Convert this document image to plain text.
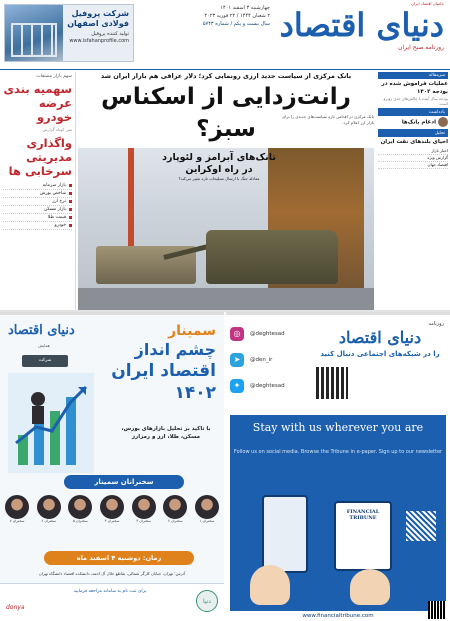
حامیان اقتصاد ایران
شرکت پروفیل فولادی اصفهان
تولید کننده پروفیل
www.isfahanprofile.com
چهارشنبه ۳ اسفند ۱۴۰۱
۲ شعبان ۱۴۴۴ / ۲۲ فوریه ۲۰۲۳
سال بیست و یکم / شماره ۵۷۴۳ دنیای اقتصاد
روزنامه صبح ایران
سهم بازار مشتقات
سهمیه بندی عرضه خودرو
متن کوتاه گزارش
واگذاری مدیریتی سرخابی ها
بازار سرمایه
شاخص بورس
نرخ ارز
بازار مسکن
قیمت طلا
خودرو
بانک مرکزی از سیاست جدید ارزی رونمایی کرد؛ دلار عراقی هم بازار ایران شد
رانت‌زدایی از اسکناس سبز؟	بانک مرکزی در اقدامی تازه سیاست‌های جدیدی را برای بازار ارز اعلام کرد.
تانک‌های آبرامز و لئوپارد در راه اوکراین
معادله جنگ با ارسال تسلیحات تازه تغییر می‌کند؟
سرمقاله
عملیات فراموش شده در بودجه ۱۴۰۲
بودجه سال آینده با چالش‌های جدی روبرو است.
یادداشت
ادغام بانک‌ها
تحلیل
احیای بلندهای نقت ایران
اخبار بازار
گزارش ویژه
اقتصاد جهان
دنیای اقتصاد
همایش
شرکت
سمینار
چشم انداز
اقتصاد ایران
۱۴۰۲
با تاکید بر تحلیل بازارهای بورس، مسکن، طلا، ارز و رمزارز
سخنرانان سمینار
سخنران ۱
سخنران ۲
سخنران ۳
سخنران ۴
سخنران ۵
سخنران ۶
سخنران ۷
زمان: دوشنبه ۴ اسفند ماه
آدرس: تهران، خیابان کارگر شمالی، تقاطع جلال آل احمد، دانشکده اقتصاد دانشگاه تهران
دنیا
برای ثبت نام به سامانه مراجعه فرمایید
donya
◎	@deghtesad
➤	@den_ir
✦	@deghtesad
روزنامه
دنیای اقتصاد
را در شبکه‌های اجتماعی دنبال کنید
Stay with us wherever you are
Follow us on social media. Browse the Tribune in e-paper. Sign up to our newsletter
FINANCIAL TRIBUNE
www.financialtribune.com
